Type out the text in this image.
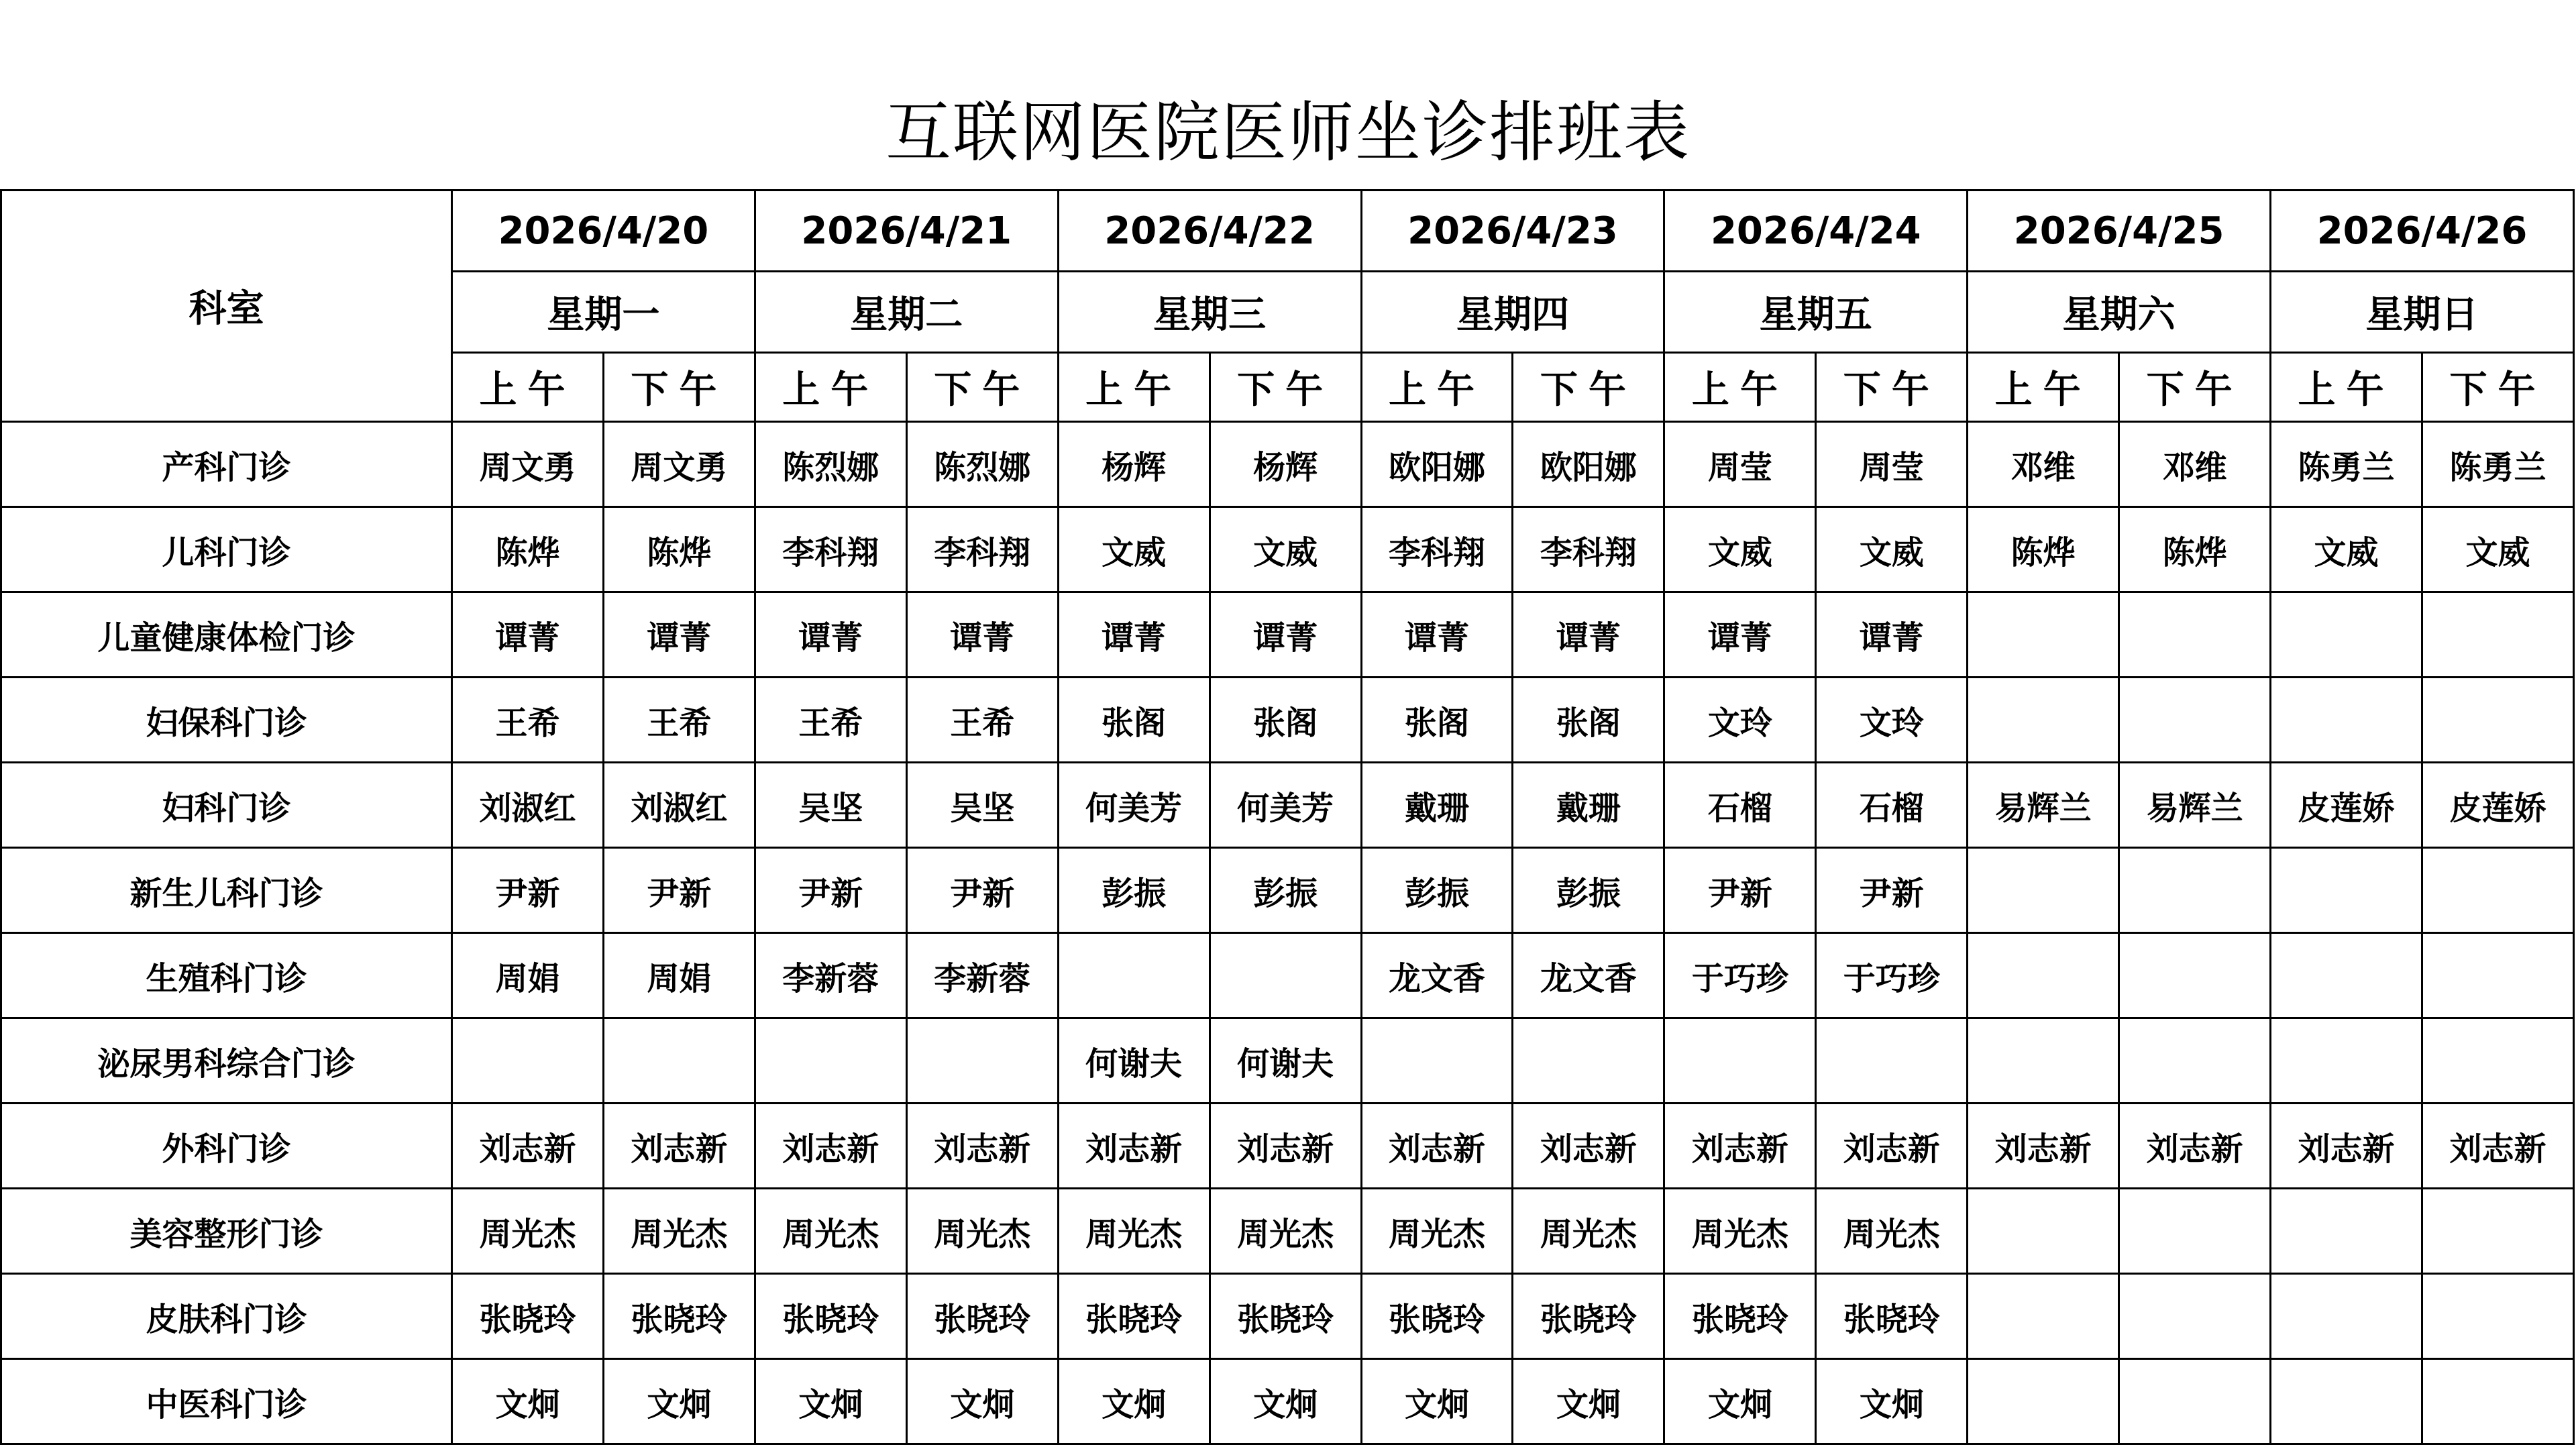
互联网医院医师坐诊排班表
科室	2026/4/20		2026/4/21		2026/4/22		2026/4/23		2026/4/24		2026/4/25		2026/4/26	
	星期一		星期二		星期三		星期四		星期五		星期六		星期日	
	上午	下午	上午	下午	上午	下午	上午	下午	上午	下午	上午	下午	上午	下午
产科门诊	周文勇	周文勇	陈烈娜	陈烈娜	杨辉	杨辉	欧阳娜	欧阳娜	周莹	周莹	邓维	邓维	陈勇兰	陈勇兰
儿科门诊	陈烨	陈烨	李科翔	李科翔	文威	文威	李科翔	李科翔	文威	文威	陈烨	陈烨	文威	文威
儿童健康体检门诊	谭菁	谭菁	谭菁	谭菁	谭菁	谭菁	谭菁	谭菁	谭菁	谭菁				
妇保科门诊	王希	王希	王希	王希	张阁	张阁	张阁	张阁	文玲	文玲				
妇科门诊	刘淑红	刘淑红	吴坚	吴坚	何美芳	何美芳	戴珊	戴珊	石榴	石榴	易辉兰	易辉兰	皮莲娇	皮莲娇
新生儿科门诊	尹新	尹新	尹新	尹新	彭振	彭振	彭振	彭振	尹新	尹新				
生殖科门诊	周娟	周娟	李新蓉	李新蓉			龙文香	龙文香	于巧珍	于巧珍				
泌尿男科综合门诊					何谢夫	何谢夫								
外科门诊	刘志新	刘志新	刘志新	刘志新	刘志新	刘志新	刘志新	刘志新	刘志新	刘志新	刘志新	刘志新	刘志新	刘志新
美容整形门诊	周光杰	周光杰	周光杰	周光杰	周光杰	周光杰	周光杰	周光杰	周光杰	周光杰				
皮肤科门诊	张晓玲	张晓玲	张晓玲	张晓玲	张晓玲	张晓玲	张晓玲	张晓玲	张晓玲	张晓玲				
中医科门诊	文炯	文炯	文炯	文炯	文炯	文炯	文炯	文炯	文炯	文炯				
